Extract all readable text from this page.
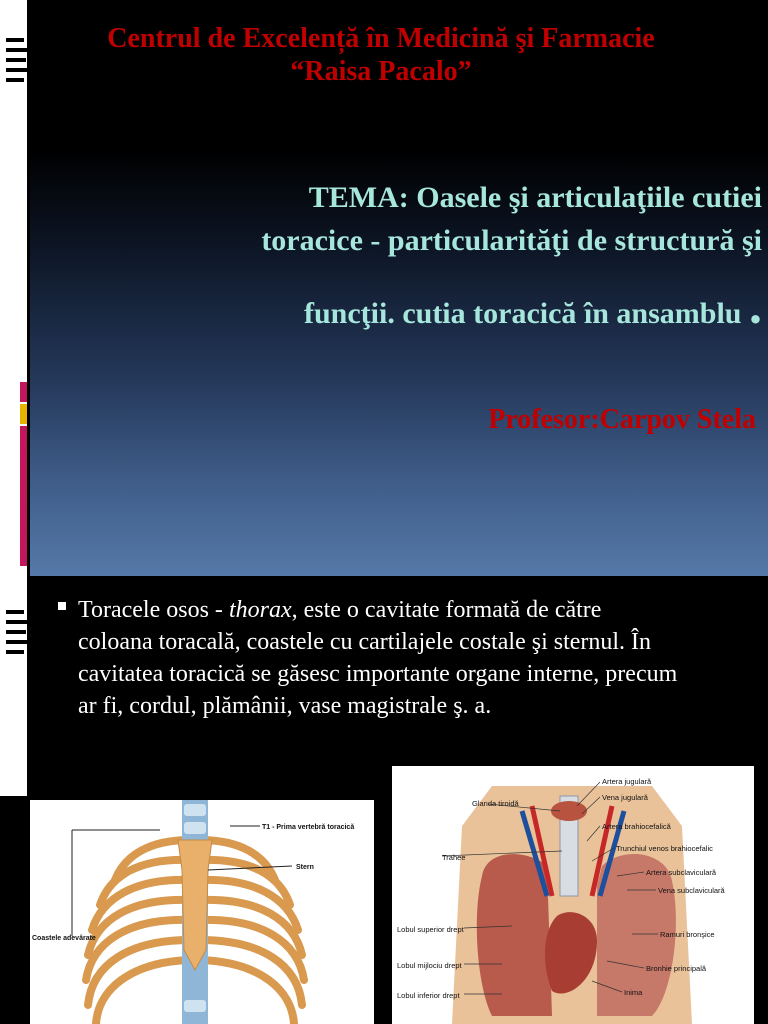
Centrul de Excelență în Medicină şi Farmacie
“Raisa Pacalo”

TEMA: Oasele şi articulaţiile cutiei
toracice - particularităţi de structură şi

funcţii. cutia toracică în ansamblu .

Profesor:Carpov Stela

Toracele osos - thorax, este o cavitate formată de către coloana toracală, coastele cu cartilajele costale şi sternul. În cavitatea toracică se găsesc importante organe interne, precum ar fi, cordul, plămânii, vase magistrale ş. a.
T1 - Prima vertebră toracică
Stern
Coastele adevărate
Glanda tiroidă
Trahee
Lobul superior drept
Lobul mijlociu drept
Lobul inferior drept
Artera jugulară
Vena jugulară
Artera brahiocefalică
Trunchiul venos brahiocefalic
Artera subclaviculară
Vena subclaviculară
Ramuri bronşice
Bronhie principală
Inima
